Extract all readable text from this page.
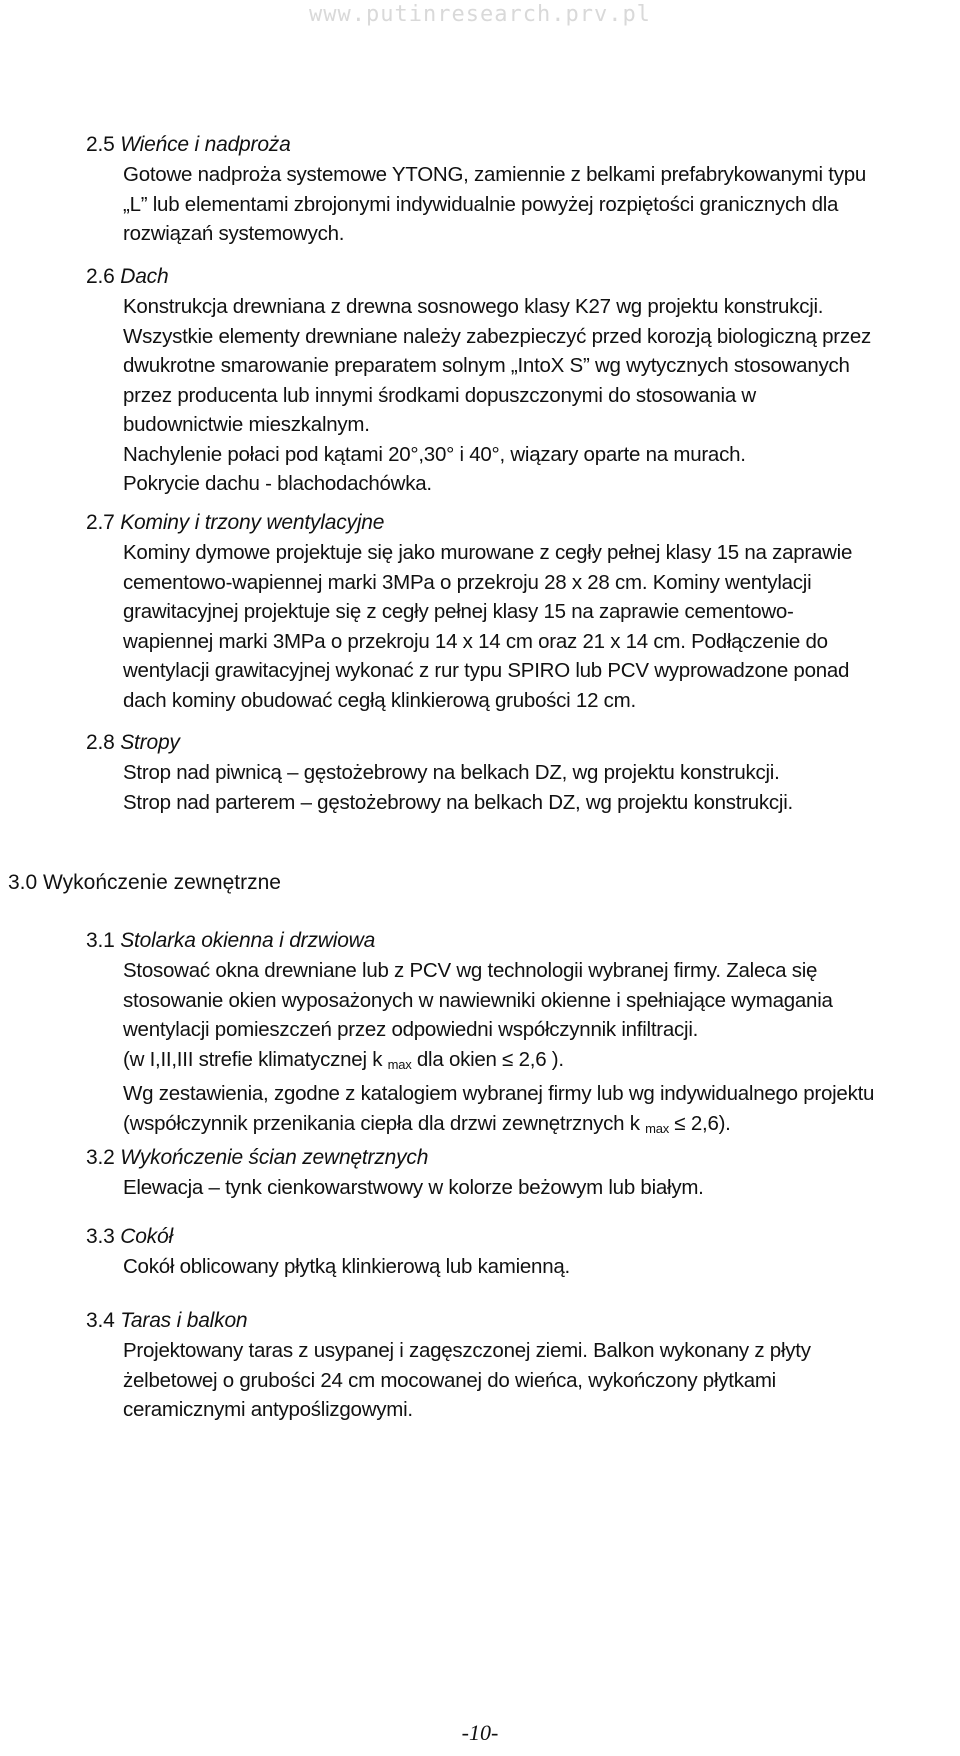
www.putinresearch.prv.pl
2.5 Wieńce i nadproża
Gotowe nadproża systemowe YTONG, zamiennie z belkami prefabrykowanymi typu
„L” lub elementami zbrojonymi indywidualnie powyżej rozpiętości granicznych dla
rozwiązań systemowych.
2.6 Dach
Konstrukcja drewniana z drewna sosnowego klasy K27 wg projektu konstrukcji.
Wszystkie elementy drewniane należy zabezpieczyć przed korozją biologiczną przez
dwukrotne smarowanie preparatem solnym „IntoX S” wg wytycznych stosowanych
przez producenta lub innymi środkami dopuszczonymi do stosowania w
budownictwie mieszkalnym.
Nachylenie połaci pod kątami 20°,30° i 40°, wiązary oparte na murach.
Pokrycie dachu - blachodachówka.
2.7 Kominy i trzony wentylacyjne
Kominy dymowe projektuje się jako murowane z cegły pełnej klasy 15 na zaprawie
cementowo-wapiennej marki 3MPa o przekroju 28 x 28 cm. Kominy wentylacji
grawitacyjnej projektuje się z cegły pełnej klasy 15 na zaprawie cementowo-
wapiennej marki 3MPa o przekroju 14 x 14 cm oraz 21 x 14 cm. Podłączenie do
wentylacji grawitacyjnej wykonać z rur typu SPIRO lub PCV wyprowadzone ponad
dach kominy obudować cegłą klinkierową grubości 12 cm.
2.8 Stropy
Strop nad piwnicą – gęstożebrowy na belkach DZ, wg projektu konstrukcji.
Strop nad parterem – gęstożebrowy na belkach DZ, wg projektu konstrukcji.
3.0 Wykończenie zewnętrzne
3.1 Stolarka okienna i drzwiowa
Stosować okna drewniane lub z PCV wg technologii wybranej firmy. Zaleca się
stosowanie okien wyposażonych w nawiewniki okienne i spełniające wymagania
wentylacji pomieszczeń przez odpowiedni współczynnik infiltracji.
(w I,II,III strefie klimatycznej k $_{max}$ dla okien ≤ 2,6 ).
Wg zestawienia, zgodne z katalogiem wybranej firmy lub wg indywidualnego projektu
(współczynnik przenikania ciepła dla drzwi zewnętrznych k $_{max}$ ≤ 2,6).
3.2 Wykończenie ścian zewnętrznych
Elewacja – tynk cienkowarstwowy w kolorze beżowym lub białym.
3.3 Cokół
Cokół oblicowany płytką klinkierową lub kamienną.
3.4 Taras i balkon
Projektowany taras z usypanej i zagęszczonej ziemi. Balkon wykonany z płyty
żelbetowej o grubości 24 cm mocowanej do wieńca, wykończony płytkami
ceramicznymi antypoślizgowymi.
-10-
